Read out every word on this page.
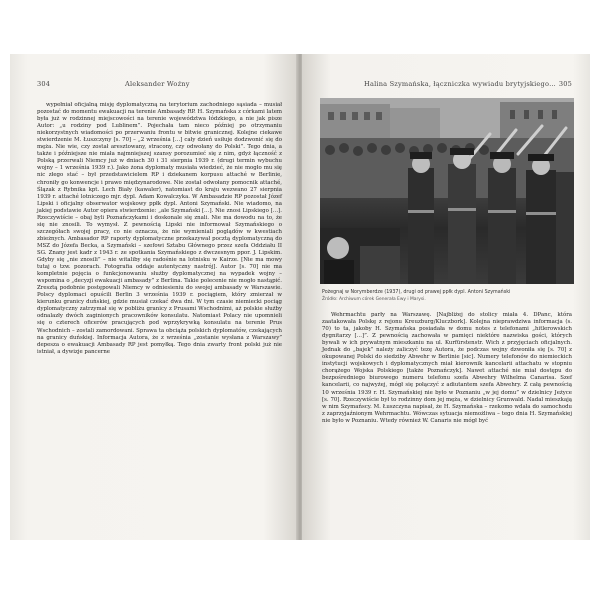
304	Aleksander Woźny

wypełniał oficjalną misję dyplomatyczną na terytorium zachodniego sąsiada – musiał pozostać do momentu ewakuacji na terenie Ambasady RP. H. Szymańska z córkami latem była już w rodzinnej miejscowości na terenie województwa łódzkiego, a nie jak pisze Autor: „u rodziny pod Lublinem”. Pojechała tam nieco później po otrzymaniu niekorzystnych wiadomości po przerwaniu frontu w bitwie granicznej. Kolejne ciekawe stwierdzenie M. Łuszczyny [s. 70] – „2 września […] cały dzień usiłuje dodzwonić się do męża. Nie wie, czy został aresztowany, stracony, czy odwołany do Polski”. Tego dnia, a także i późniejsze nie miała najmniejszej szansy porozumieć się z nim, gdyż łączność z Polską przerwali Niemcy już w dniach 30 i 31 sierpnia 1939 r. (drugi termin wybuchu wojny – 1 września 1939 r.). Jako żona dyplomaty musiała wiedzieć, że nie mogło mu się nic złego stać – był przedstawicielem RP i dziekanem korpusu attaché w Berlinie, chroniły go konwencje i prawo międzynarodowe. Nie został odwołany pomocnik attaché, Ślązak z Rybnika kpt. Lech Biały (kawaler), natomiast do kraju wezwano 27 sierpnia 1939 r. attaché lotniczego mjr. dypl. Adam Kowalczyka. W Ambasadzie RP pozostał Józef Lipski i oficjalny obserwator wojskowy ppłk dypl. Antoni Szymański. Nie wiadomo, na jakiej podstawie Autor opiera stwierdzenie: „ale Szymański […]. Nie znosi Lipskiego […]. Rzeczywiście – obaj byli Poznańczykami i doskonale się znali. Nie ma dowodu na to, że się nie znosili. To wymysł. Z pewnością Lipski nie informował Szymańskiego o szczegółach swojej pracy, co nie oznacza, że nie wymieniali poglądów w kwestiach zbieżnych. Ambasador RP raporty dyplomatyczne przekazywał pocztą dyplomatyczną do MSZ do Józefa Becka, a Szymański – szefowi Sztabu Głównego przez szefa Oddziału II SG. Znany jest kadr z 1943 r. ze spotkania Szymańskiego z dwczesnym ppor. J. Lipskim. Gdyby się „nie znosili” – nie witaliby się radośnie na lotnisku w Kairze. [Nie ma mowy tutaj o tzw. pozorach. Fotografia oddaje autentyczny nastrój]. Autor [s. 70] nie ma kompletnie pojęcia o funkcjonowaniu służby dyplomatycznej na wypadek wojny – wspomina o „decyzji ewakuacji ambasady” z Berlina. Takie polecenie nie mogło nastąpić. Zresztą podobnie postępowali Niemcy w odniesieniu do swojej ambasady w Warszawie. Polscy dyplomaci opuścili Berlin 3 września 1939 r. pociągiem, który zmierzał w kierunku granicy duńskiej, gdzie musiał czekać dwa dni. W tym czasie niemiecki pociąg dyplomatyczny zatrzymał się w pobliżu granicy z Prusami Wschodnimi, aż polskie służby odnalazły dwóch zaginionych pracowników konsulatu. Natomiast Polacy nie upomnieli się o czterech oficerów pracujących pod wprzykrywką konsulatu na terenie Prus Wschodnich – zostali zamordowani. Sprawa ta obciąża polskich dyplomatów, czekających na granicy duńskiej. Informacja Autora, że z września „zostanie wysłana z Warszawy” depesza o ewakuacji Ambasady RP jest pomyłką. Tego dnia zwarty front polski już nie istniał, a dywizje pancerne

Halina Szymańska, łączniczka wywiadu brytyjskiego… 305
Pożegnaj w Norymberdze (1937), drugi od prawej ppłk dypl. Antoni Szymański
Źródło: Archiwum córek Generała Ewy i Marysi.

Wehrmachtu parły na Warszawę. [Najbliżej do stolicy miała 4. DPanc, która zaatakowała Polskę z rejonu Kreuzburg/Kluczbork]. Kolejna nieprawdziwa informacja (s. 70) to ta, jakoby H. Szymańska posiadała w domu notes z telefonami „hitlerowskich dygnitarzy […]”. Z pewnością zachowała w pamięci niektóre nazwiska gości, których bywali w ich prywatnym mieszkaniu na ul. Kurfürstenstr. Wich z przyjęciach oficjalnych. Jednak do „bajek” należy zaliczyć tezę Autora, że podczas wojny dzwoniła się [s. 70] z okupowanej Polski do siedziby Abwehr w Berlinie [sic]. Numery telefonów do niemieckich instytucji wojskowych i dyplomatycznych miał kierownik kancelarii attachatu w stopniu chorążego Wojska Polskiego [także Poznańczyk]. Nawet attaché nie miał dostępu do bezpośredniego biurowego numeru telefonu szefa Abwehry Wilhelma Canarisa. Szef kancelarii, co najwyżej, mógł się połączyć z adiutantem szefa Abwehry. Z całą pewnością 10 września 1939 r. H. Szymańskiej nie było w Poznaniu „w jej domu” w dzielnicy Jeżyce [s. 70]. Rzeczywiście był to rodzinny dom jej męża, w dzielnicy Grunwald. Nadal mieszkają w nim Szymańscy. M. Łuszczyna napisał, że H. Szymańska – rzekomo wdała do samochodu z zaprzyjaźnionym Wehrmachtu. Wówczas sytuacja niemożliwa – tego dnia H. Szymańskiej nie było w Poznaniu. Wtedy również W. Canaris nie mógł być
